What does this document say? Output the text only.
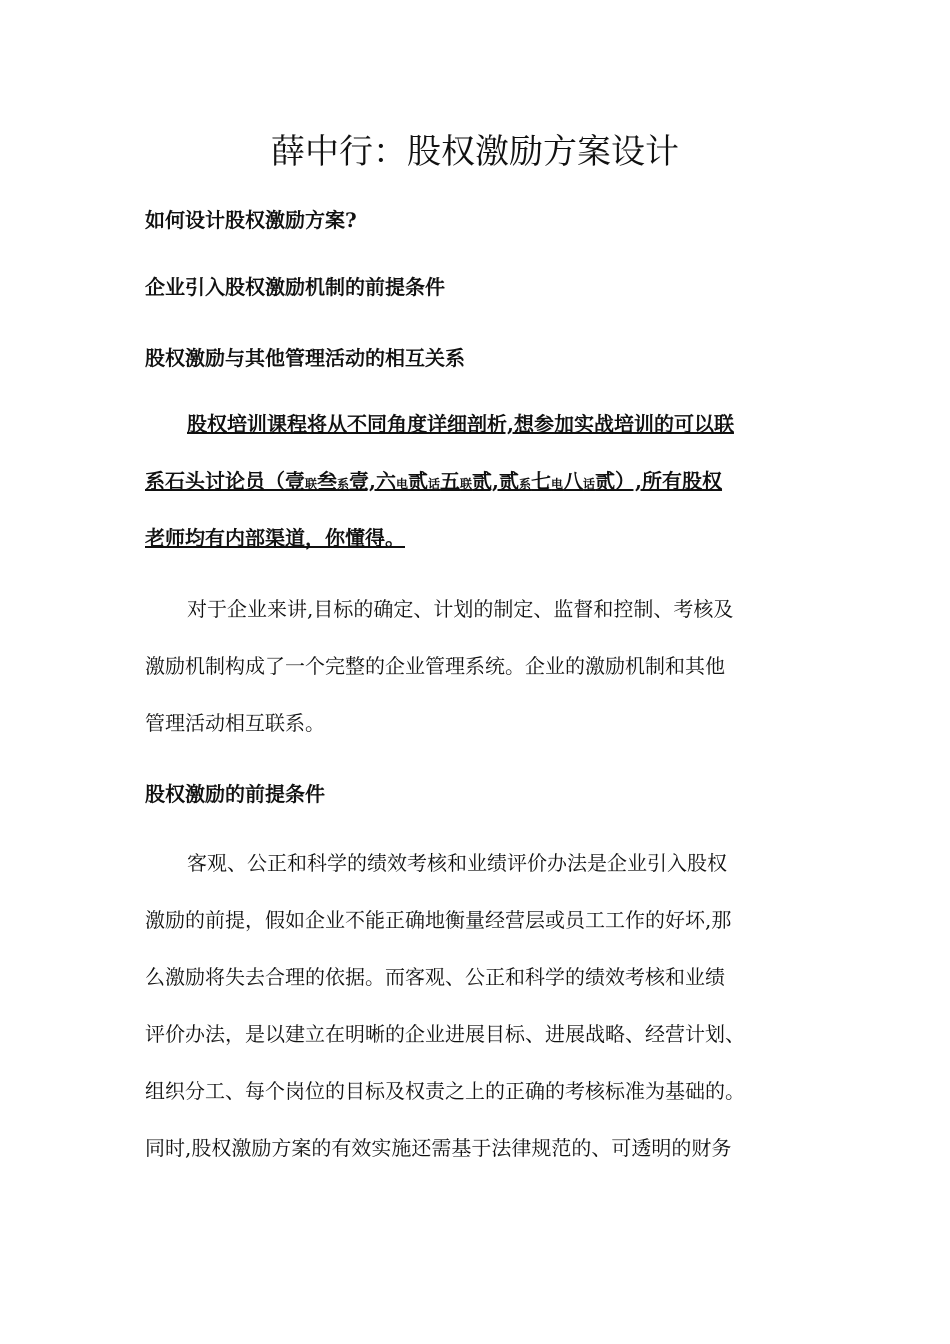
薛中行：股权激励方案设计

如何设计股权激励方案?

企业引入股权激励机制的前提条件

股权激励与其他管理活动的相互关系

股权培训课程将从不同角度详细剖析,想参加实战培训的可以联
系石头讨论员（壹联叁系壹,六电贰话五联贰,贰系七电八话贰）,所有股权
老师均有内部渠道，你懂得。
对于企业来讲,目标的确定、计划的制定、监督和控制、考核及
激励机制构成了一个完整的企业管理系统。企业的激励机制和其他
管理活动相互联系。

股权激励的前提条件

客观、公正和科学的绩效考核和业绩评价办法是企业引入股权
激励的前提，假如企业不能正确地衡量经营层或员工工作的好坏,那
么激励将失去合理的依据。而客观、公正和科学的绩效考核和业绩
评价办法，是以建立在明晰的企业进展目标、进展战略、经营计划、
组织分工、每个岗位的目标及权责之上的正确的考核标准为基础的。
同时,股权激励方案的有效实施还需基于法律规范的、可透明的财务
